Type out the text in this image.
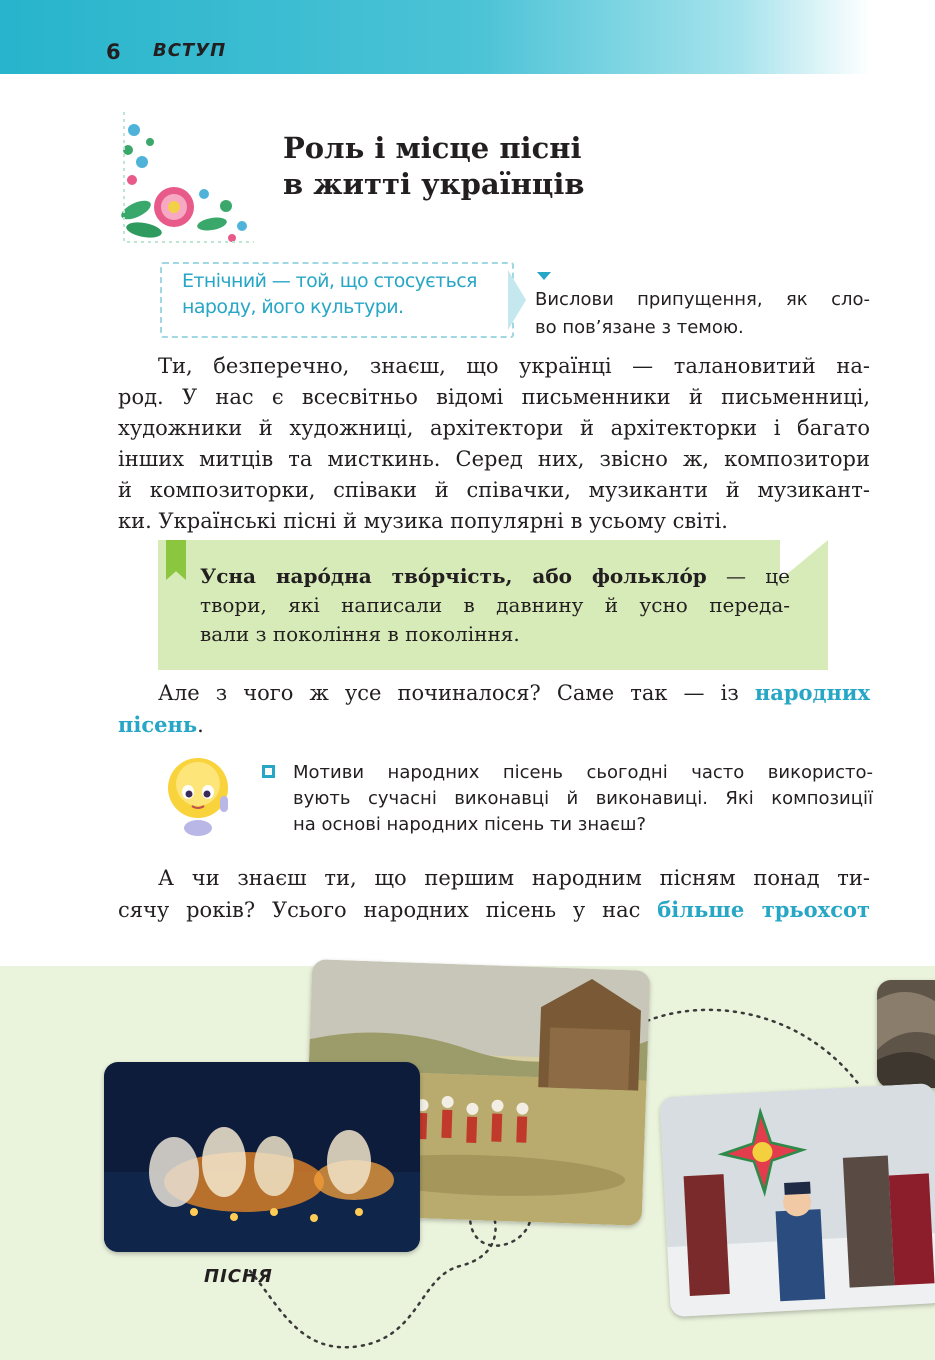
6 ВСТУП
Роль і місце пісні
в житті українців
Етнічний — той, що стосується
народу, його культури.	Вислови припущення, як сло-
во пов’язане з темою.
Ти, безперечно, знаєш, що українці — талановитий на-
род. У нас є всесвітньо відомі письменники й письменниці,
художники й художниці, архітектори й архітекторки і багато
інших митців та мисткинь. Серед них, звісно ж, композитори
й композиторки, співаки й співачки, музиканти й музикант-
ки. Українські пісні й музика популярні в усьому світі.
Усна наро́дна тво́рчість, або фолькло́р — це
твори, які написали в давнину й усно переда-
вали з покоління в покоління.
Але з чого ж усе починалося? Саме так — із народних
пісень.
Мотиви народних пісень сьогодні часто використо-
вують сучасні виконавці й виконавиці. Які композиції
на основі народних пісень ти знаєш?
А чи знаєш ти, що першим народним пісням понад ти-
сячу років? Усього народних пісень у нас більше трьохсот
ПІСНЯ
